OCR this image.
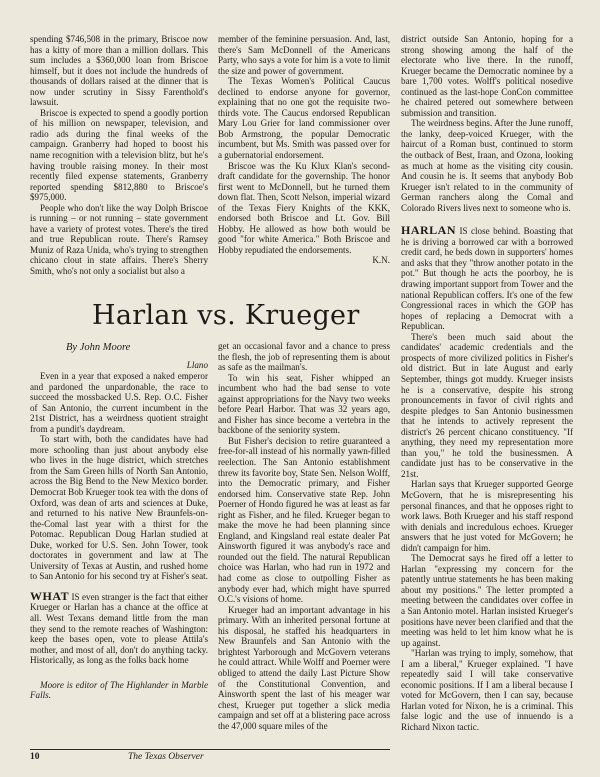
spending $746,508 in the primary, Briscoe now has a kitty of more than a million dollars. This sum includes a $360,000 loan from Briscoe himself, but it does not include the hundreds of thousands of dollars raised at the dinner that is now under scrutiny in Sissy Farenthold's lawsuit.

Briscoe is expected to spend a goodly portion of his million on newspaper, television, and radio ads during the final weeks of the campaign. Granberry had hoped to boost his name recognition with a television blitz, but he's having trouble raising money. In their most recently filed expense statements, Granberry reported spending $812,880 to Briscoe's $975,000.

People who don't like the way Dolph Briscoe is running – or not running – state government have a variety of protest votes. There's the tired and true Republican route. There's Ramsey Muniz of Raza Unida, who's trying to strengthen chicano clout in state affairs. There's Sherry Smith, who's not only a socialist but also a

member of the feminine persuasion. And, last, there's Sam McDonnell of the Americans Party, who says a vote for him is a vote to limit the size and power of government.

The Texas Women's Political Caucus declined to endorse anyone for governor, explaining that no one got the requisite two-thirds vote. The Caucus endorsed Republican Mary Lou Grier for land commissioner over Bob Armstrong, the popular Democratic incumbent, but Ms. Smith was passed over for a gubernatorial endorsement.

Briscoe was the Ku Klux Klan's second-draft candidate for the governship. The honor first went to McDonnell, but he turned them down flat. Then, Scott Nelson, imperial wizard of the Texas Fiery Knights of the KKK, endorsed both Briscoe and Lt. Gov. Bill Hobby. He allowed as how both would be good "for white America." Both Briscoe and Hobby repudiated the endorsements.

K.N.

Harlan vs. Krueger

By John Moore

Llano

Even in a year that exposed a naked emperor and pardoned the unpardonable, the race to succeed the mossbacked U.S. Rep. O.C. Fisher of San Antonio, the current incumbent in the 21st District, has a weirdness quotient straight from a pundit's daydream.

To start with, both the candidates have had more schooling than just about anybody else who lives in the huge district, which stretches from the Sam Green hills of North San Antonio, across the Big Bend to the New Mexico border. Democrat Bob Krueger took tea with the dons of Oxford, was dean of arts and sciences at Duke, and returned to his native New Braunfels-on-the-Comal last year with a thirst for the Potomac. Republican Doug Harlan studied at Duke, worked for U.S. Sen. John Tower, took doctorates in government and law at The University of Texas at Austin, and rushed home to San Antonio for his second try at Fisher's seat.

WHAT IS even stranger is the fact that either Krueger or Harlan has a chance at the office at all. West Texans demand little from the man they send to the remote reaches of Washington: keep the bases open, vote to please Attila's mother, and most of all, don't do anything tacky. Historically, as long as the folks back home

Moore is editor of The Highlander in Marble Falls.

get an occasional favor and a chance to press the flesh, the job of representing them is about as safe as the mailman's.

To win his seat, Fisher whipped an incumbent who had the bad sense to vote against appropriations for the Navy two weeks before Pearl Harbor. That was 32 years ago, and Fisher has since become a vertebra in the backbone of the seniority system.

But Fisher's decision to retire guaranteed a free-for-all instead of his normally yawn-filled reelection. The San Antonio establishment threw its favorite boy, State Sen. Nelson Wolff, into the Democratic primary, and Fisher endorsed him. Conservative state Rep. John Poerner of Hondo figured he was at least as far right as Fisher, and he filed. Krueger began to make the move he had been planning since England, and Kingsland real estate dealer Pat Ainsworth figured it was anybody's race and rounded out the field. The natural Republican choice was Harlan, who had run in 1972 and had come as close to outpolling Fisher as anybody ever had, which might have spurred O.C.'s visions of home.

Krueger had an important advantage in his primary. With an inherited personal fortune at his disposal, he staffed his headquarters in New Braunfels and San Antonio with the brightest Yarborough and McGovern veterans he could attract. While Wolff and Poerner were obliged to attend the daily Last Picture Show of the Constitutional Convention, and Ainsworth spent the last of his meager war chest, Krueger put together a slick media campaign and set off at a blistering pace across the 47,000 square miles of the

district outside San Antonio, hoping for a strong showing among the half of the electorate who live there. In the runoff, Krueger became the Democratic nominee by a bare 1,700 votes. Wolff's political nosedive continued as the last-hope ConCon committee he chaired petered out somewhere between submission and transition.

The weirdness begins. After the June runoff, the lanky, deep-voiced Krueger, with the haircut of a Roman bust, continued to storm the outback of Best, Iraan, and Ozona, looking as much at home as the visiting city cousin. And cousin he is. It seems that anybody Bob Krueger isn't related to in the community of German ranchers along the Comal and Colorado Rivers lives next to someone who is.

HARLAN IS close behind. Boasting that he is driving a borrowed car with a borrowed credit card, he beds down in supporters' homes and asks that they "throw another potato in the pot." But though he acts the poorboy, he is drawing important support from Tower and the national Republican coffers. It's one of the few Congressional races in which the GOP has hopes of replacing a Democrat with a Republican.

There's been much said about the candidates' academic credentials and the prospects of more civilized politics in Fisher's old district. But in late August and early September, things got muddy. Krueger insists he is a conservative, despite his strong pronouncements in favor of civil rights and despite pledges to San Antonio businessmen that he intends to actively represent the district's 26 percent chicano constituency. "If anything, they need my representation more than you," he told the businessmen. A candidate just has to be conservative in the 21st.

Harlan says that Krueger supported George McGovern, that he is misrepresenting his personal finances, and that he opposes right to work laws. Both Krueger and his staff respond with denials and incredulous echoes. Krueger answers that he just voted for McGovern; he didn't campaign for him.

The Democrat says he fired off a letter to Harlan "expressing my concern for the patently untrue statements he has been making about my positions." The letter prompted a meeting between the candidates over coffee in a San Antonio motel. Harlan insisted Krueger's positions have never been clarified and that the meeting was held to let him know what he is up against.

"Harlan was trying to imply, somehow, that I am a liberal," Krueger explained. "I have repeatedly said I will take conservative economic positions. If I am a liberal because I voted for McGovern, then I can say, because Harlan voted for Nixon, he is a criminal. This false logic and the use of innuendo is a Richard Nixon tactic.

10	The Texas Observer
